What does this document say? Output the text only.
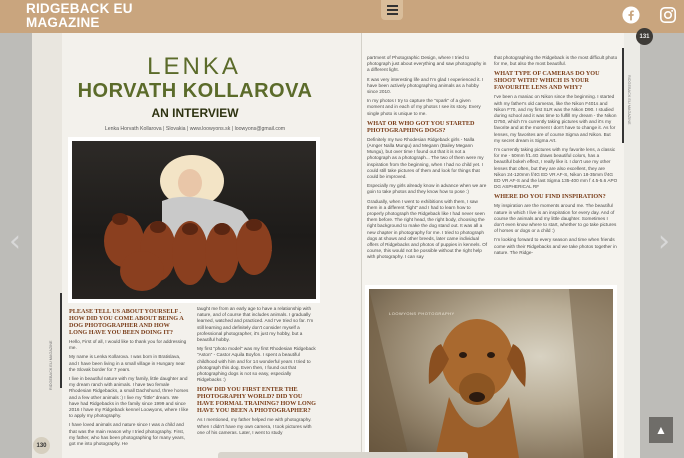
RIDGEBACK EU
MAGAZINE
‹	›
LENKA
HORVATH KOLLAROVA
AN INTERVIEW
Lenka Horvath Kollarova | Slovakia | www.loowyons.sk | loowyons@gmail.com
RIDGEBACK EU MAGAZINE
PLEASE TELL US ABOUT YOURSELF . HOW DID YOU COME ABOUT BEING A DOG PHOTOGRAPHER AND HOW LONG HAVE YOU BEEN DOING IT?

Hello, First of all, I would like to thank you for addressing me.

My name is Lenka Kollarova. I was born in Bratislava, and I have been living in a small village in Hungary near the Slovak border for 7 years.

I live in beautiful nature with my family, little daughter and my dream ranch with animals. I have two female Rhodesian Ridgebacks, a small Dachshund, three horses and a few other animals :) I live my "little" dream. We have had Ridgebacks in the family since 1999 and since 2016 I have my Ridgeback kennel Loowyons, where I like to apply my photography.

I have loved animals and nature since I was a child and that was the main reason why I tried photography. First, my father, who has been photographing for many years, got me into photography. He

taught me from an early age to have a relationship with nature, and of course that includes animals. I gradually learned, watched and practiced. And I've tried so far. I'm still learning and definitely don't consider myself a professional photographer, it's just my hobby, but a beautiful hobby.

My first "photo model" was my first Rhodesian Ridgeback "Aston" - Castor Aquila Boyfon. I spent a beautiful childhood with him and for 14 wonderful years I tried to photograph this dog. Even then, I found out that photographing dogs is not so easy, especially Ridgebacks :)

HOW DID YOU FIRST ENTER THE PHOTOGRAPHY WORLD? DID YOU HAVE FORMAL TRAINING? HOW LONG HAVE YOU BEEN A PHOTOGRAPHER?

As I mentioned, my father helped me with photography. When I didn't have my own camera, I took pictures with one of his cameras. Later, I went to study

130

partment of Photographic Design, where I tried to photograph just about everything and saw photography in a different light.

It was very interesting life and I'm glad I experienced it. I have been actively photographing animals as a hobby since 2010.

In my photos I try to capture the "spark" of a given moment and in each of my photos I see its story. Every single photo is unique to me.

WHAT OR WHO GOT YOU STARTED PHOTOGRAPHING DOGS?

Definitely my two Rhodesian Ridgeback girls - Nalla (Amger Nalla Mungu) and Megann (Bailey Megann Mungu), but over time I found out that it is not a photograph as a photograph... The two of them were my inspiration from the beginning, when I had no child yet. I could still take pictures of them and look for things that could be improved.

Especially my girls already know in advance when we are goin to take photos and they know how to pose :)

Gradually, when I went to exhibitions with them, I saw them in a different "light" and I had to learn how to properly photograph the Ridgeback like I had never seen them before. The right head, the right body, choosing the right background to make the dog stand out. It was all a new chapter in photography for me. I tried to photograph dogs at shows and other breeds, later came individual offers of Ridgebacks and photos of puppies in kennels. Of course, this would not be possible without the right help with photography. I can say

that photographing the Ridgeback is the most difficult photo for me, but also the most beautiful.

WHAT TYPE OF CAMERAS DO YOU SHOOT WITH? WHICH IS YOUR FAVOURITE LENS AND WHY?

I've been a maniac on Nikon since the beginning. I started with my father's old cameras, like the Nikon F401s and Nikon F70, and my first SLR was the Nikon D90. I studied during school and it was time to fulfill my dream - the Nikon D750, which I'm currently taking pictures with and it's my favorite and at the moment I don't have to change it. As for lenses, my favorites are of course Sigma and Nikon. But my secret dream is Sigma Art.

I'm currently taking pictures with my favorite lens, a classic for me - 50mm f/1.4G draws beautiful colors, has a beautiful bokeh effect, I really like it. I don't use my other lenses that often, but they are also excellent, they are Nikon 24-120mm f/4G ED VR AF-S, Nikon 18-35mm f/4G ED VR AF-S and the last Sigma 135-400 mm f 4.5-5.6 APO DG ASPHERICAL RF

WHERE DO YOU FIND INSPIRATION?

My inspiration are the moments around me. The beautiful nature in which I live is an inspiration for every day. And of course the animals and my little daughter. Sometimes I don't even know where to start, whether to go take pictures of horses or dogs or a child :)

I'm looking forward to every season and time when friends come with their Ridgebacks and we take photos together in nature. The Ridge-

RIDGEBACK EU MAGAZINE
131
LOOWYONS PHOTOGRAPHY
▲
